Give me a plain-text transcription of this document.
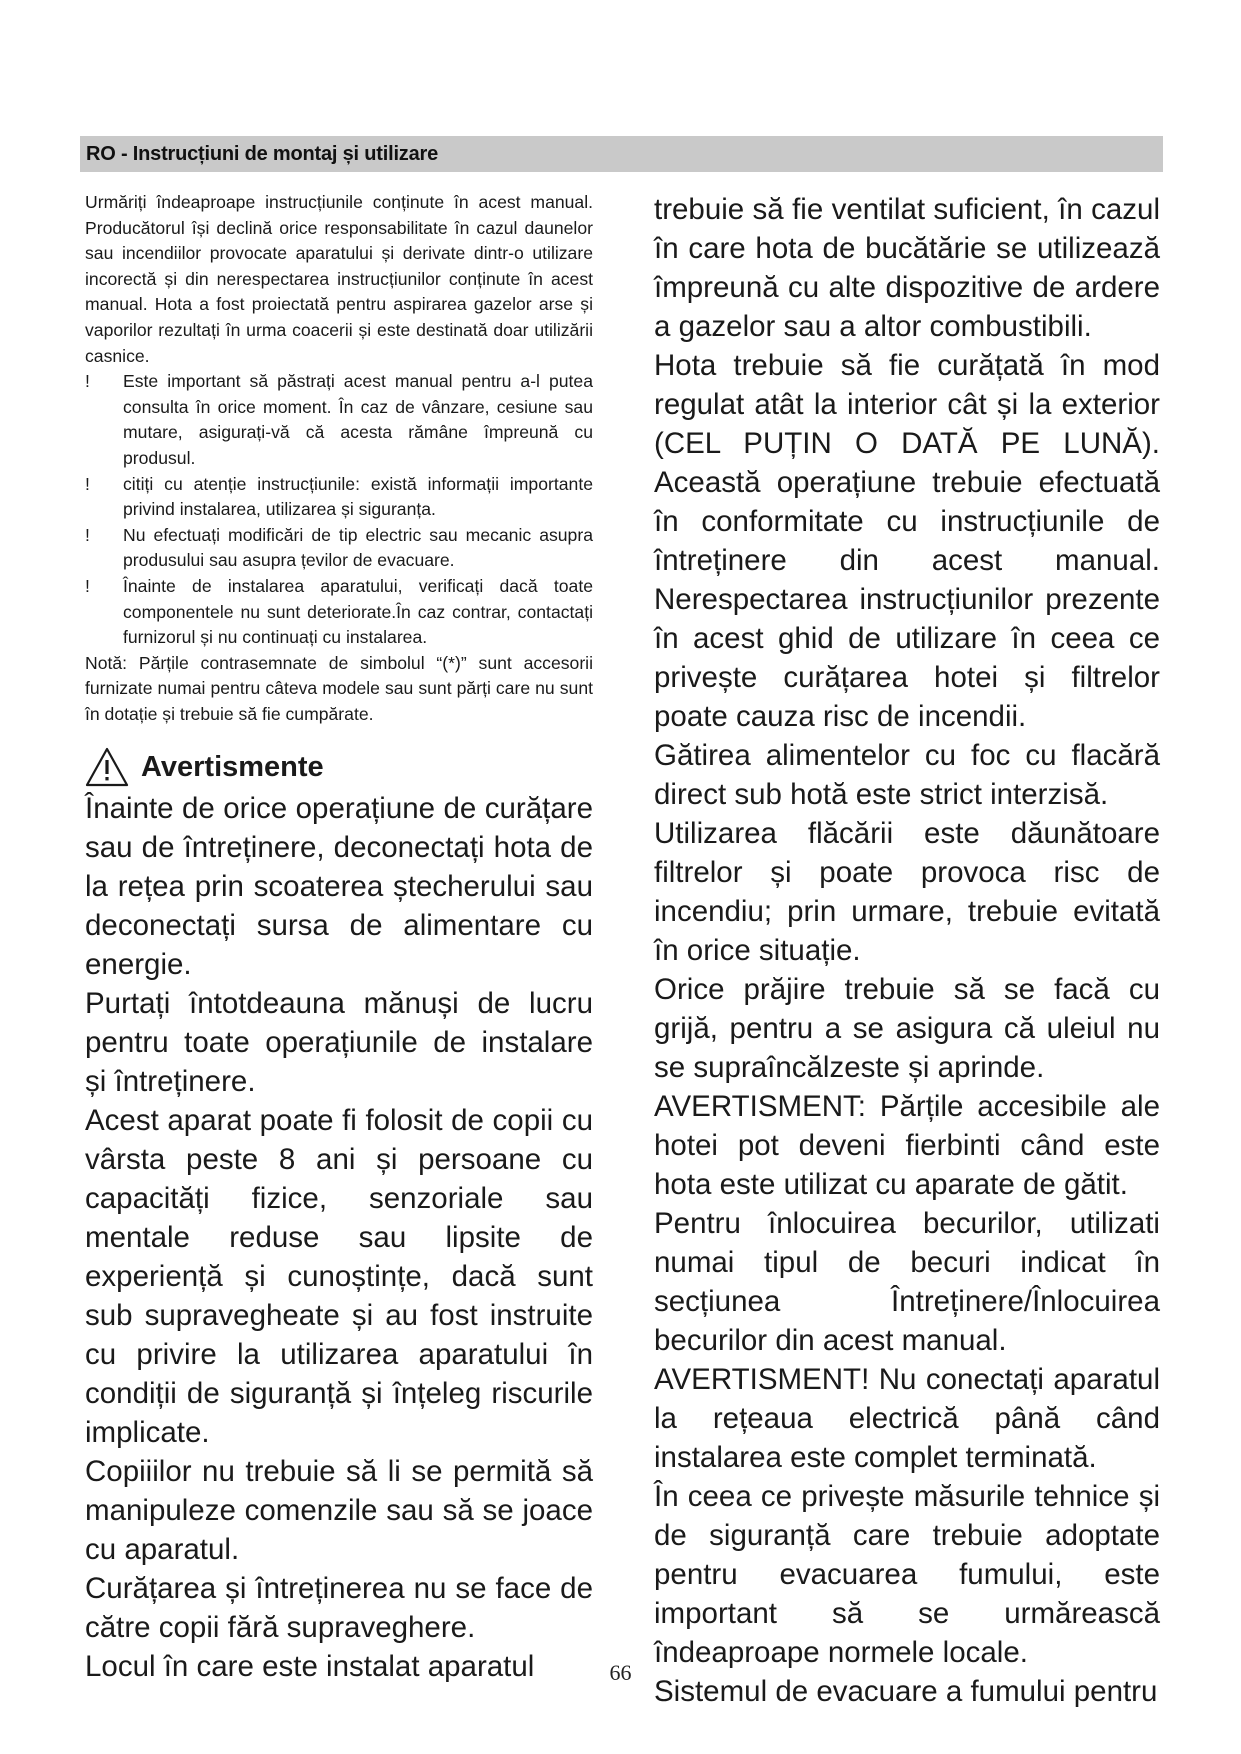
RO - Instrucțiuni de montaj și utilizare

Urmăriți îndeaproape instrucțiunile conținute în acest manual. Producătorul își declină orice responsabilitate în cazul daunelor sau incendiilor provocate aparatului și derivate dintr-o utilizare incorectă și din nerespectarea instrucțiunilor conținute în acest manual. Hota a fost proiectată pentru aspirarea gazelor arse și vaporilor rezultați în urma coacerii și este destinată doar utilizării casnice.

!	Este important să păstrați acest manual pentru a-l putea consulta în orice moment. În caz de vânzare, cesiune sau mutare, asigurați-vă că acesta rămâne împreună cu produsul.
!	citiți cu atenție instrucțiunile: există informații importante privind instalarea, utilizarea și siguranța.
!	Nu efectuați modificări de tip electric sau mecanic asupra produsului sau asupra țevilor de evacuare.
!	Înainte de instalarea aparatului, verificați dacă toate componentele nu sunt deteriorate.În caz contrar, contactați furnizorul și nu continuați cu instalarea.

Notă: Părțile contrasemnate de simbolul “(*)” sunt accesorii furnizate numai pentru câteva modele sau sunt părți care nu sunt în dotație și trebuie să fie cumpărate.

Avertismente

Înainte de orice operațiune de curățare sau de întreținere, deconectați hota de la rețea prin scoaterea ștecherului sau deconectați sursa de alimentare cu energie.

Purtați întotdeauna mănuși de lucru pentru toate operațiunile de instalare și întreținere.

Acest aparat poate fi folosit de copii cu vârsta peste 8 ani și persoane cu capacități fizice, senzoriale sau mentale reduse sau lipsite de experiență și cunoștințe, dacă sunt sub supravegheate și au fost instruite cu privire la utilizarea aparatului în condiții de siguranță și înțeleg riscurile implicate.

Copiiilor nu trebuie să li se permită să manipuleze comenzile sau să se joace cu aparatul.

Curățarea și întreținerea nu se face de către copii fără supraveghere.

Locul în care este instalat aparatul

trebuie să fie ventilat suficient, în cazul în care hota de bucătărie se utilizează împreună cu alte dispozitive de ardere a gazelor sau a altor combustibili.

Hota trebuie să fie curățată în mod regulat atât la interior cât și la exterior (CEL PUȚIN O DATĂ PE LUNĂ). Această operațiune trebuie efectuată în conformitate cu instrucțiunile de întreținere din acest manual. Nerespectarea instrucțiunilor prezente în acest ghid de utilizare în ceea ce privește curățarea hotei și filtrelor poate cauza risc de incendii.

Gătirea alimentelor cu foc cu flacără direct sub hotă este strict interzisă.

Utilizarea flăcării este dăunătoare filtrelor și poate provoca risc de incendiu; prin urmare, trebuie evitată în orice situație.

Orice prăjire trebuie să se facă cu grijă, pentru a se asigura că uleiul nu se supraîncălzeste și aprinde.

AVERTISMENT: Părțile accesibile ale hotei pot deveni fierbinti când este hota este utilizat cu aparate de gătit.

Pentru înlocuirea becurilor, utilizati numai tipul de becuri indicat în secțiunea Întreținere/Înlocuirea becurilor din acest manual.

AVERTISMENT! Nu conectați aparatul la rețeaua electrică până când instalarea este complet terminată.

În ceea ce privește măsurile tehnice și de siguranță care trebuie adoptate pentru evacuarea fumului, este important să se urmărească îndeaproape normele locale.

Sistemul de evacuare a fumului pentru

66
